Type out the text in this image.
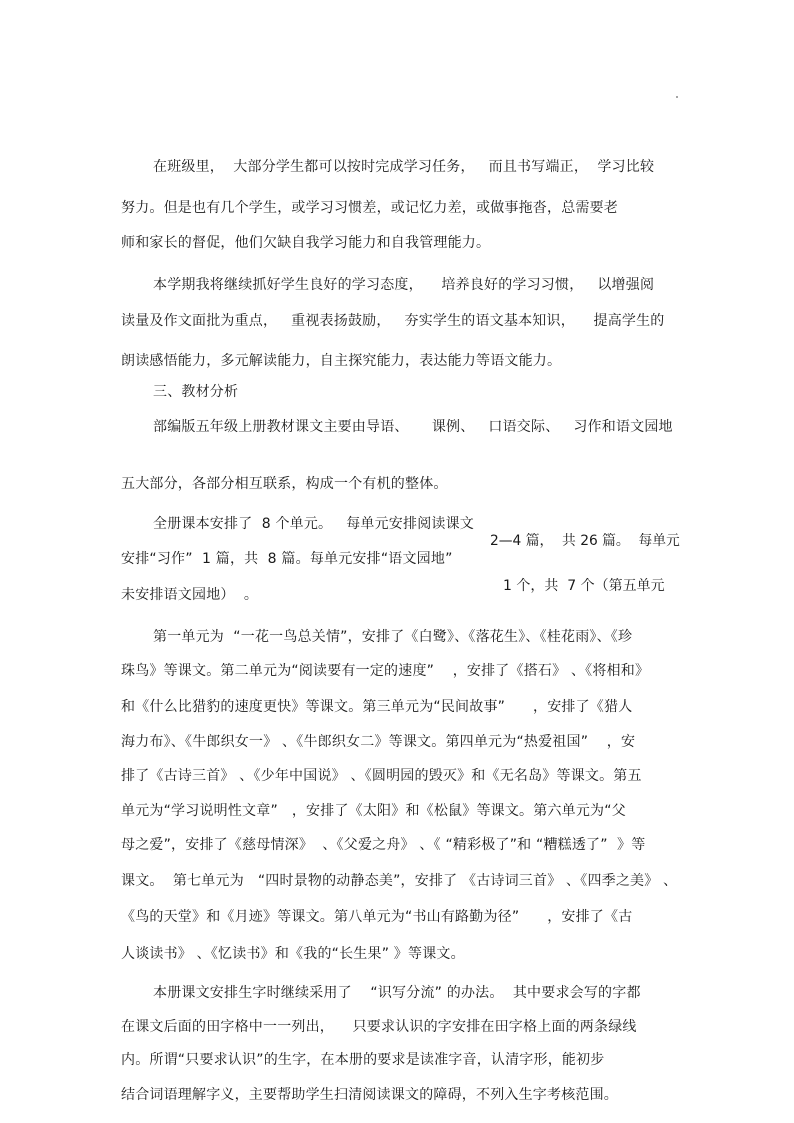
在班级里，  大部分学生都可以按时完成学习任务，   而且书写端正，  学习比较
努力。但是也有几个学生，或学习习惯差，或记忆力差，或做事拖沓，总需要老
师和家长的督促，他们欠缺自我学习能力和自我管理能力。
本学期我将继续抓好学生良好的学习态度，    培养良好的学习习惯，   以增强阅
读量及作文面批为重点，   重视表扬鼓励，   夯实学生的语文基本知识，    提高学生的
朗读感悟能力，多元解读能力，自主探究能力，表达能力等语文能力。
三、教材分析
部编版五年级上册教材课文主要由导语、     课例、   口语交际、   习作和语文园地
五大部分，各部分相互联系，构成一个有机的整体。
全册课本安排了  8 个单元。   每单元安排阅读课文
2—4 篇，  共 26 篇。  每单元
安排“习作”  1 篇，共  8 篇。每单元安排“语文园地”
1 个，共  7 个（第五单元
未安排语文园地）  。
第一单元为  “一花一鸟总关情”，安排了《白鹭》、《落花生》、《桂花雨》、《珍
珠鸟》等课文。第二单元为“阅读要有一定的速度”    ，安排了《搭石》 、《将相和》
和《什么比猎豹的速度更快》等课文。第三单元为“民间故事”      ，安排了《猎人
海力布》、《牛郎织女一》 、《牛郎织女二》等课文。第四单元为“热爱祖国”    ，安
排了《古诗三首》 、《少年中国说》 、《圆明园的毁灭》和《无名岛》等课文。第五
单元为“学习说明性文章”   ，安排了《太阳》和《松鼠》等课文。第六单元为“父
母之爱”，安排了《慈母情深》  、《父爱之舟》 、《 “精彩极了”和 “糟糕透了”  》等
课文。  第七单元为   “四时景物的动静态美”，安排了 《古诗词三首》 、《四季之美》 、
《鸟的天堂》和《月迹》等课文。第八单元为“书山有路勤为径”      ，安排了《古
人谈读书》 、《忆读书》和《我的“长生果” 》等课文。
本册课文安排生字时继续采用了    “识写分流” 的办法。  其中要求会写的字都
在课文后面的田字格中一一列出，    只要求认识的字安排在田字格上面的两条绿线
内。所谓“只要求认识”的生字，在本册的要求是读准字音，认清字形，能初步
结合词语理解字义，主要帮助学生扫清阅读课文的障碍，不列入生字考核范围。
